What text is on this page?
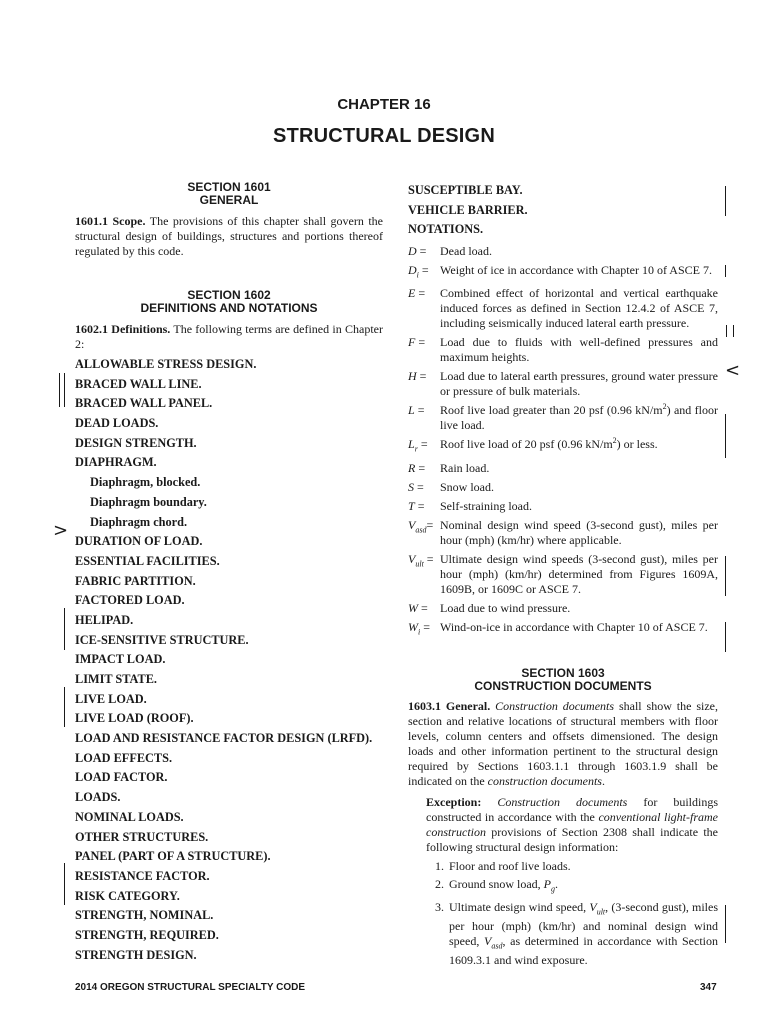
CHAPTER 16
STRUCTURAL DESIGN
SECTION 1601
GENERAL

1601.1 Scope. The provisions of this chapter shall govern the structural design of buildings, structures and portions thereof regulated by this code.

SECTION 1602
DEFINITIONS AND NOTATIONS

1602.1 Definitions. The following terms are defined in Chapter 2:

ALLOWABLE STRESS DESIGN.
BRACED WALL LINE.
BRACED WALL PANEL.
DEAD LOADS.
DESIGN STRENGTH.
DIAPHRAGM.
Diaphragm, blocked.
Diaphragm boundary.
Diaphragm chord.
DURATION OF LOAD.
ESSENTIAL FACILITIES.
FABRIC PARTITION.
FACTORED LOAD.
HELIPAD.
ICE-SENSITIVE STRUCTURE.
IMPACT LOAD.
LIMIT STATE.
LIVE LOAD.
LIVE LOAD (ROOF).
LOAD AND RESISTANCE FACTOR DESIGN (LRFD).
LOAD EFFECTS.
LOAD FACTOR.
LOADS.
NOMINAL LOADS.
OTHER STRUCTURES.
PANEL (PART OF A STRUCTURE).
RESISTANCE FACTOR.
RISK CATEGORY.
STRENGTH, NOMINAL.
STRENGTH, REQUIRED.
STRENGTH DESIGN.
SUSCEPTIBLE BAY.
VEHICLE BARRIER.
NOTATIONS.
D =	Dead load.
$D_i$ = Weight of ice in accordance with Chapter 10 of ASCE 7.
E =	Combined effect of horizontal and vertical earthquake induced forces as defined in Section 12.4.2 of ASCE 7, including seismically induced lateral earth pressure.
F =	Load due to fluids with well-defined pressures and maximum heights.
H =	Load due to lateral earth pressures, ground water pressure or pressure of bulk materials.
L =	Roof live load greater than 20 psf (0.96 $kN/m^2$) and floor live load.
$L_r$ =	Roof live load of 20 psf (0.96 $kN/m^2$) or less.
R =	Rain load.
S =	Snow load.
T =	Self-straining load.
$V_{asd}=$ Nominal design wind speed (3-second gust), miles per hour (mph) (km/hr) where applicable.
$V_{ult}$ = Ultimate design wind speeds (3-second gust), miles per hour (mph) (km/hr) determined from Figures 1609A, 1609B, or 1609C or ASCE 7.
W =	Load due to wind pressure.
$W_i$ = Wind-on-ice in accordance with Chapter 10 of ASCE 7.
SECTION 1603
CONSTRUCTION DOCUMENTS

1603.1 General. Construction documents shall show the size, section and relative locations of structural members with floor levels, column centers and offsets dimensioned. The design loads and other information pertinent to the structural design required by Sections 1603.1.1 through 1603.1.9 shall be indicated on the construction documents.

Exception: Construction documents for buildings constructed in accordance with the conventional light-frame construction provisions of Section 2308 shall indicate the following structural design information:

1. Floor and roof live loads.
2. Ground snow load, $P_g$.
3. Ultimate design wind speed, $V_{ult}$, (3-second gust), miles per hour (mph) (km/hr) and nominal design wind speed, $V_{asd}$, as determined in accordance with Section 1609.3.1 and wind exposure.
>
<
2014 OREGON STRUCTURAL SPECIALTY CODE	347
